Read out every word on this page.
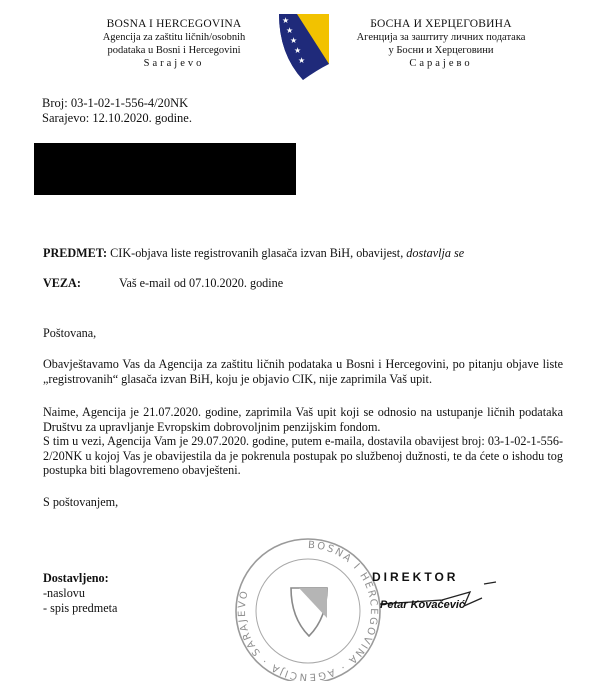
BOSNA I HERCEGOVINA
Agencija za zaštitu ličnih/osobnih
podataka u Bosni i Hercegovini
Sarajevo
★
★
★
★
★
БОСНА И ХЕРЦЕГОВИНА
Агенција за заштиту личних података
у Босни и Херцеговини
Сарајево
Broj: 03-1-02-1-556-4/20NK
Sarajevo: 12.10.2020. godine.
PREDMET: CIK-objava liste registrovanih glasača izvan BiH, obavijest, dostavlja se
VEZA:	Vaš e-mail od 07.10.2020. godine
Poštovana,
Obavještavamo Vas da Agencija za zaštitu ličnih podataka u Bosni i Hercegovini, po pitanju objave liste „registrovanih“ glasača izvan BiH, koju je objavio CIK, nije zaprimila Vaš upit.
Naime, Agencija je 21.07.2020. godine, zaprimila Vaš upit koji se odnosio na ustupanje ličnih podataka Društvu za upravljanje Evropskim dobrovoljnim penzijskim fondom.
S tim u vezi, Agencija Vam je 29.07.2020. godine, putem e-maila, dostavila obavijest broj: 03-1-02-1-556-2/20NK u kojoj Vas je obavijestila da je pokrenula postupak po službenoj dužnosti, te da ćete o ishodu tog postupka biti blagovremeno obavješteni.
S poštovanjem,
Dostavljeno:
-naslovu
- spis predmeta
BOSNA I HERCEGOVINA · AGENCIJA · SARAJEVO
DIREKTOR
Petar Kovačević
